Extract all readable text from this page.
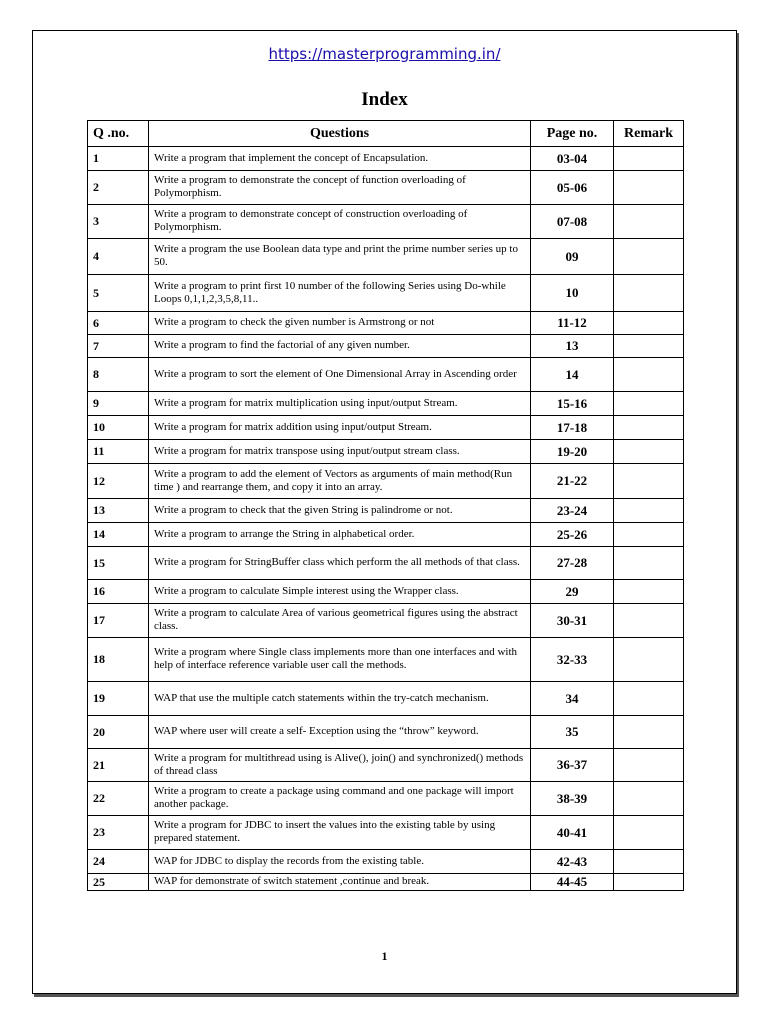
https://masterprogramming.in/
Index
Q .no.	Questions	Page no.	Remark
1	Write a program that implement the concept of Encapsulation.	03-04	
2	Write a program to demonstrate the concept of function overloading of Polymorphism.	05-06	
3	Write a program to demonstrate concept of construction overloading of Polymorphism.	07-08	
4	Write a program the use Boolean data type and print the prime number series up to 50.	09	
5	Write a program to print first 10 number of the following Series using Do-while Loops 0,1,1,2,3,5,8,11..	10	
6	Write a program to check the given number is Armstrong or not	11-12	
7	Write a program to find the factorial of any given number.	13	
8	Write a program to sort the element of One Dimensional Array in Ascending order	14	
9	Write a program for matrix multiplication using input/output Stream.	15-16	
10	Write a program for matrix addition using input/output Stream.	17-18	
11	Write a program for matrix transpose using input/output stream class.	19-20	
12	Write a program to add the element of Vectors as arguments of main method(Run time ) and rearrange them, and copy it into an array.	21-22	
13	Write a program to check that the given String is palindrome or not.	23-24	
14	Write a program to arrange the String in alphabetical order.	25-26	
15	Write a program for StringBuffer class which perform the all methods of that class.	27-28	
16	Write a program to calculate Simple interest using the Wrapper class.	29	
17	Write a program to calculate Area of various geometrical figures using the abstract class.	30-31	
18	Write a program where Single class implements more than one interfaces and with help of interface reference variable user call the methods.	32-33	
19	WAP that use the multiple catch statements within the try-catch mechanism.	34	
20	WAP where user will create a self- Exception using the “throw” keyword.	35	
21	Write a program for multithread using is Alive(), join() and synchronized() methods of thread class	36-37	
22	Write a program to create a package using command and one package will import another package.	38-39	
23	Write a program for JDBC to insert the values into the existing table by using prepared statement.	40-41	
24	WAP for JDBC to display the records from the existing table.	42-43	
25	WAP for demonstrate of switch statement ,continue and break.	44-45	
1
